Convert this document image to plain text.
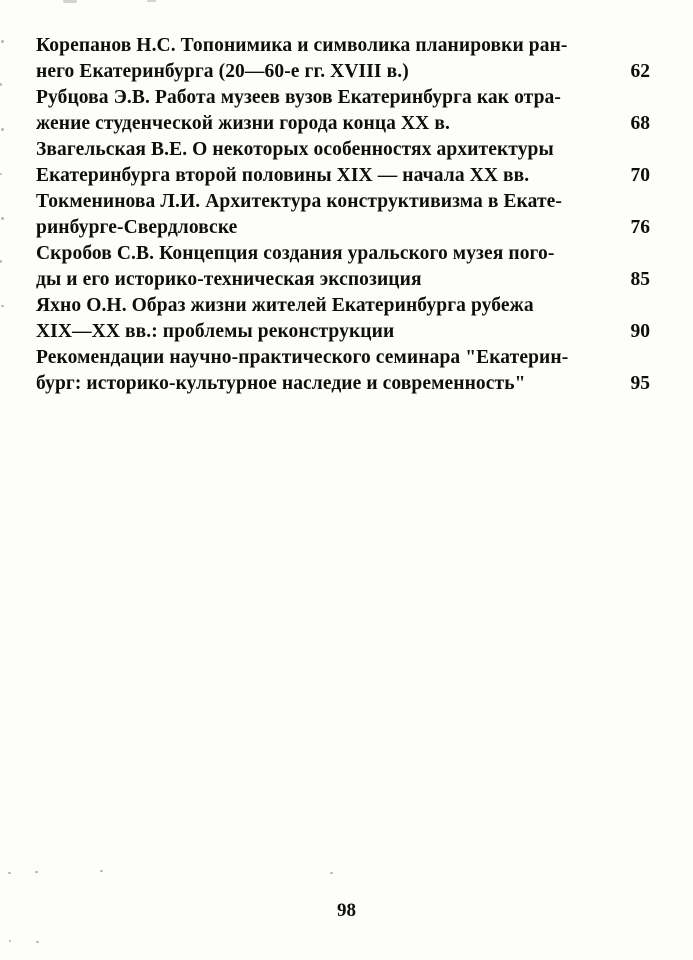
Корепанов Н.С. Топонимика и символика планировки ран-
него Екатеринбурга (20—60-е гг. XVIII в.)	62
Рубцова Э.В. Работа музеев вузов Екатеринбурга как отра-
жение студенческой жизни города конца XX в.	68
Звагельская В.Е. О некоторых особенностях архитектуры
Екатеринбурга второй половины XIX — начала XX вв.	70
Токменинова Л.И. Архитектура конструктивизма в Екате-
ринбурге-Свердловске	76
Скробов С.В. Концепция создания уральского музея пого-
ды и его историко-техническая экспозиция	85
Яхно О.Н. Образ жизни жителей Екатеринбурга рубежа
XIX—XX вв.: проблемы реконструкции	90
Рекомендации научно-практического семинара "Екатерин-
бург: историко-культурное наследие и современность"	95
98
